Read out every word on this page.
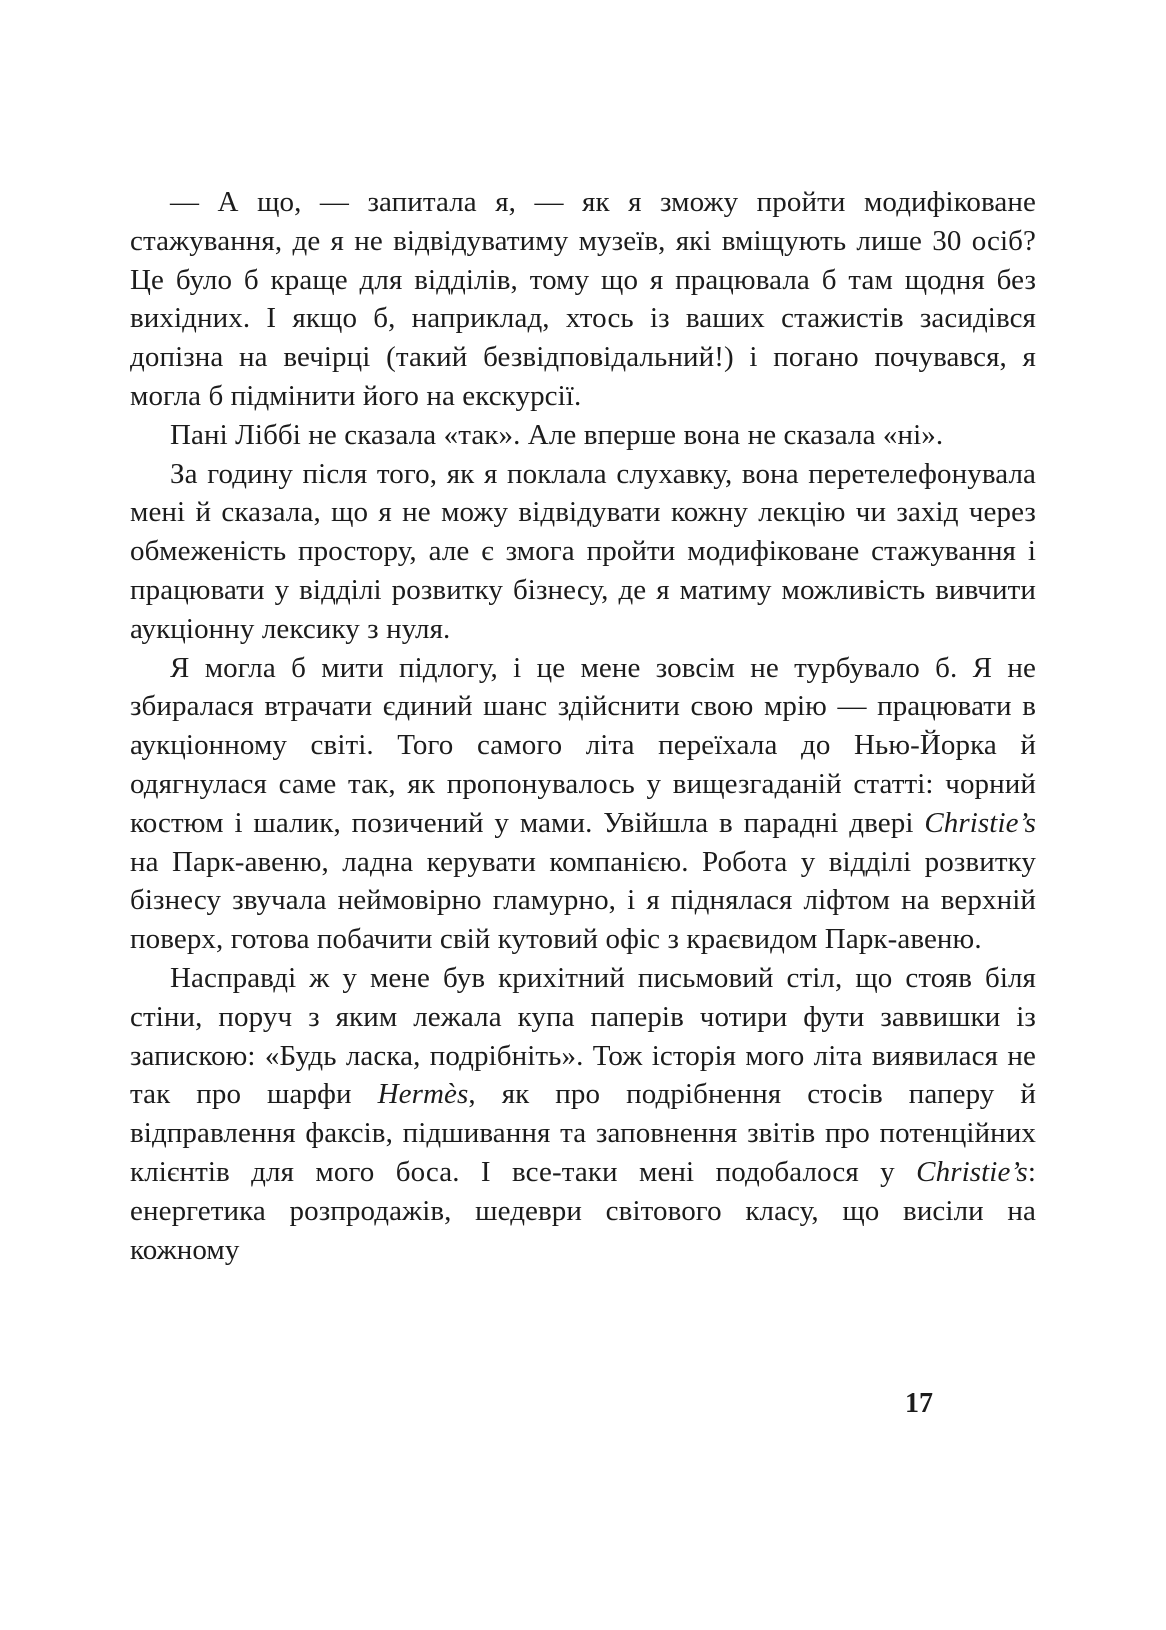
— А що, — запитала я, — як я зможу пройти модифіковане стажування, де я не відвідуватиму музеїв, які вміщують лише 30 осіб? Це було б краще для відділів, тому що я працювала б там щодня без вихідних. І якщо б, наприклад, хтось із ваших стажистів засидівся допізна на вечірці (такий безвідповідальний!) і погано почувався, я могла б підмінити його на екскурсії.

Пані Ліббі не сказала «так». Але вперше вона не сказала «ні».

За годину після того, як я поклала слухавку, вона перетелефонувала мені й сказала, що я не можу відвідувати кожну лекцію чи захід через обмеженість простору, але є змога пройти модифіковане стажування і працювати у відділі розвитку бізнесу, де я матиму можливість вивчити аукціонну лексику з нуля.

Я могла б мити підлогу, і це мене зовсім не турбувало б. Я не збиралася втрачати єдиний шанс здійснити свою мрію — працювати в аукціонному світі. Того самого літа переїхала до Нью-Йорка й одягнулася саме так, як пропонувалось у вищезгаданій статті: чорний костюм і шалик, позичений у мами. Увійшла в парадні двері Christie’s на Парк-авеню, ладна керувати компанією. Робота у відділі розвитку бізнесу звучала неймовірно гламурно, і я піднялася ліфтом на верхній поверх, готова побачити свій кутовий офіс з краєвидом Парк-авеню.

Насправді ж у мене був крихітний письмовий стіл, що стояв біля стіни, поруч з яким лежала купа паперів чотири фути заввишки із запискою: «Будь ласка, подрібніть». Тож історія мого літа виявилася не так про шарфи Hermès, як про подрібнення стосів паперу й відправлення факсів, підшивання та заповнення звітів про потенційних клієнтів для мого боса. І все-таки мені подобалося у Christie’s: енергетика розпродажів, шедеври світового класу, що висіли на кожному

17
